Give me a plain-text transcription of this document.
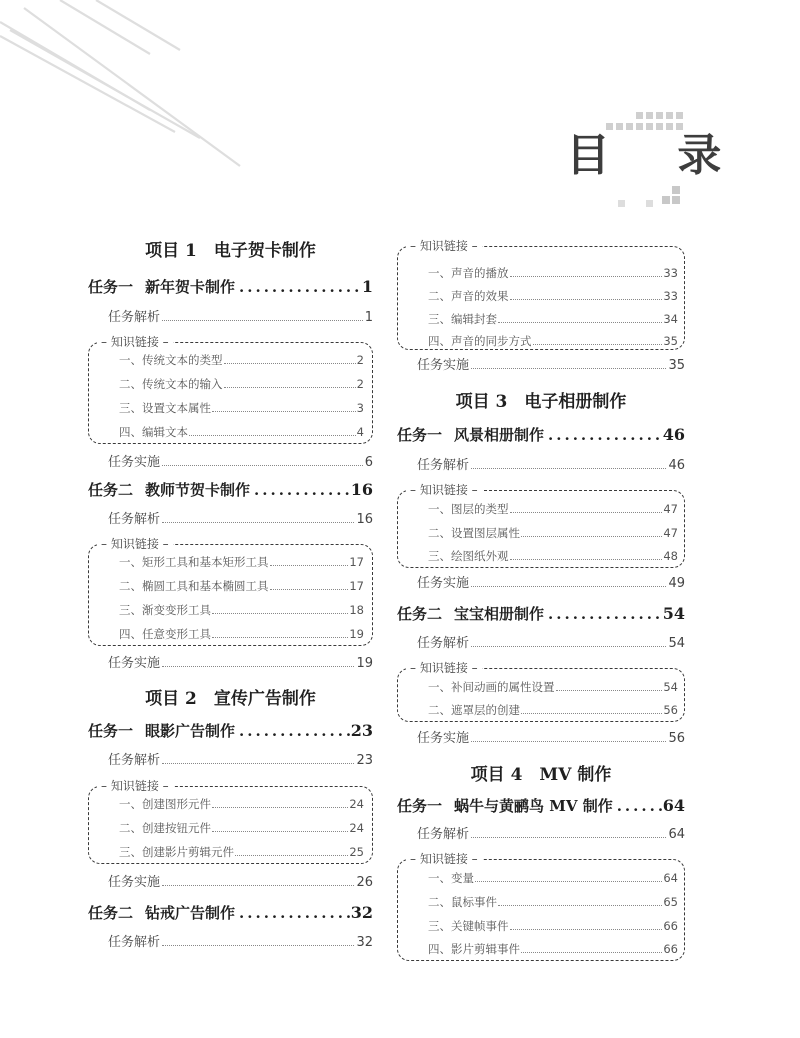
目 录
项目 1　电子贺卡制作
任务一 新年贺卡制作 .....	1
任务解析	1
– 知识链接 –
一、传统文本的类型	2
二、传统文本的输入	2
三、设置文本属性	3
四、编辑文本	4
任务实施	6
任务二 教师节贺卡制作 .....	16
任务解析	16
– 知识链接 –
一、矩形工具和基本矩形工具	17
二、椭圆工具和基本椭圆工具	17
三、渐变变形工具	18
四、任意变形工具	19
任务实施	19
项目 2　宣传广告制作
任务一 眼影广告制作 .....	23
任务解析	23
– 知识链接 –
一、创建图形元件	24
二、创建按钮元件	24
三、创建影片剪辑元件	25
任务实施	26
任务二 钻戒广告制作 .....	32
任务解析	32
– 知识链接 –
一、声音的播放	33
二、声音的效果	33
三、编辑封套	34
四、声音的同步方式	35
任务实施	35
项目 3　电子相册制作
任务一 风景相册制作 .....	46
任务解析	46
– 知识链接 –
一、图层的类型	47
二、设置图层属性	47
三、绘图纸外观	48
任务实施	49
任务二 宝宝相册制作 .....	54
任务解析	54
– 知识链接 –
一、补间动画的属性设置	54
二、遮罩层的创建	56
任务实施	56
项目 4　MV 制作
任务一 蜗牛与黄鹂鸟 MV 制作 .....	64
任务解析	64
– 知识链接 –
一、变量	64
二、鼠标事件	65
三、关键帧事件	66
四、影片剪辑事件	66
